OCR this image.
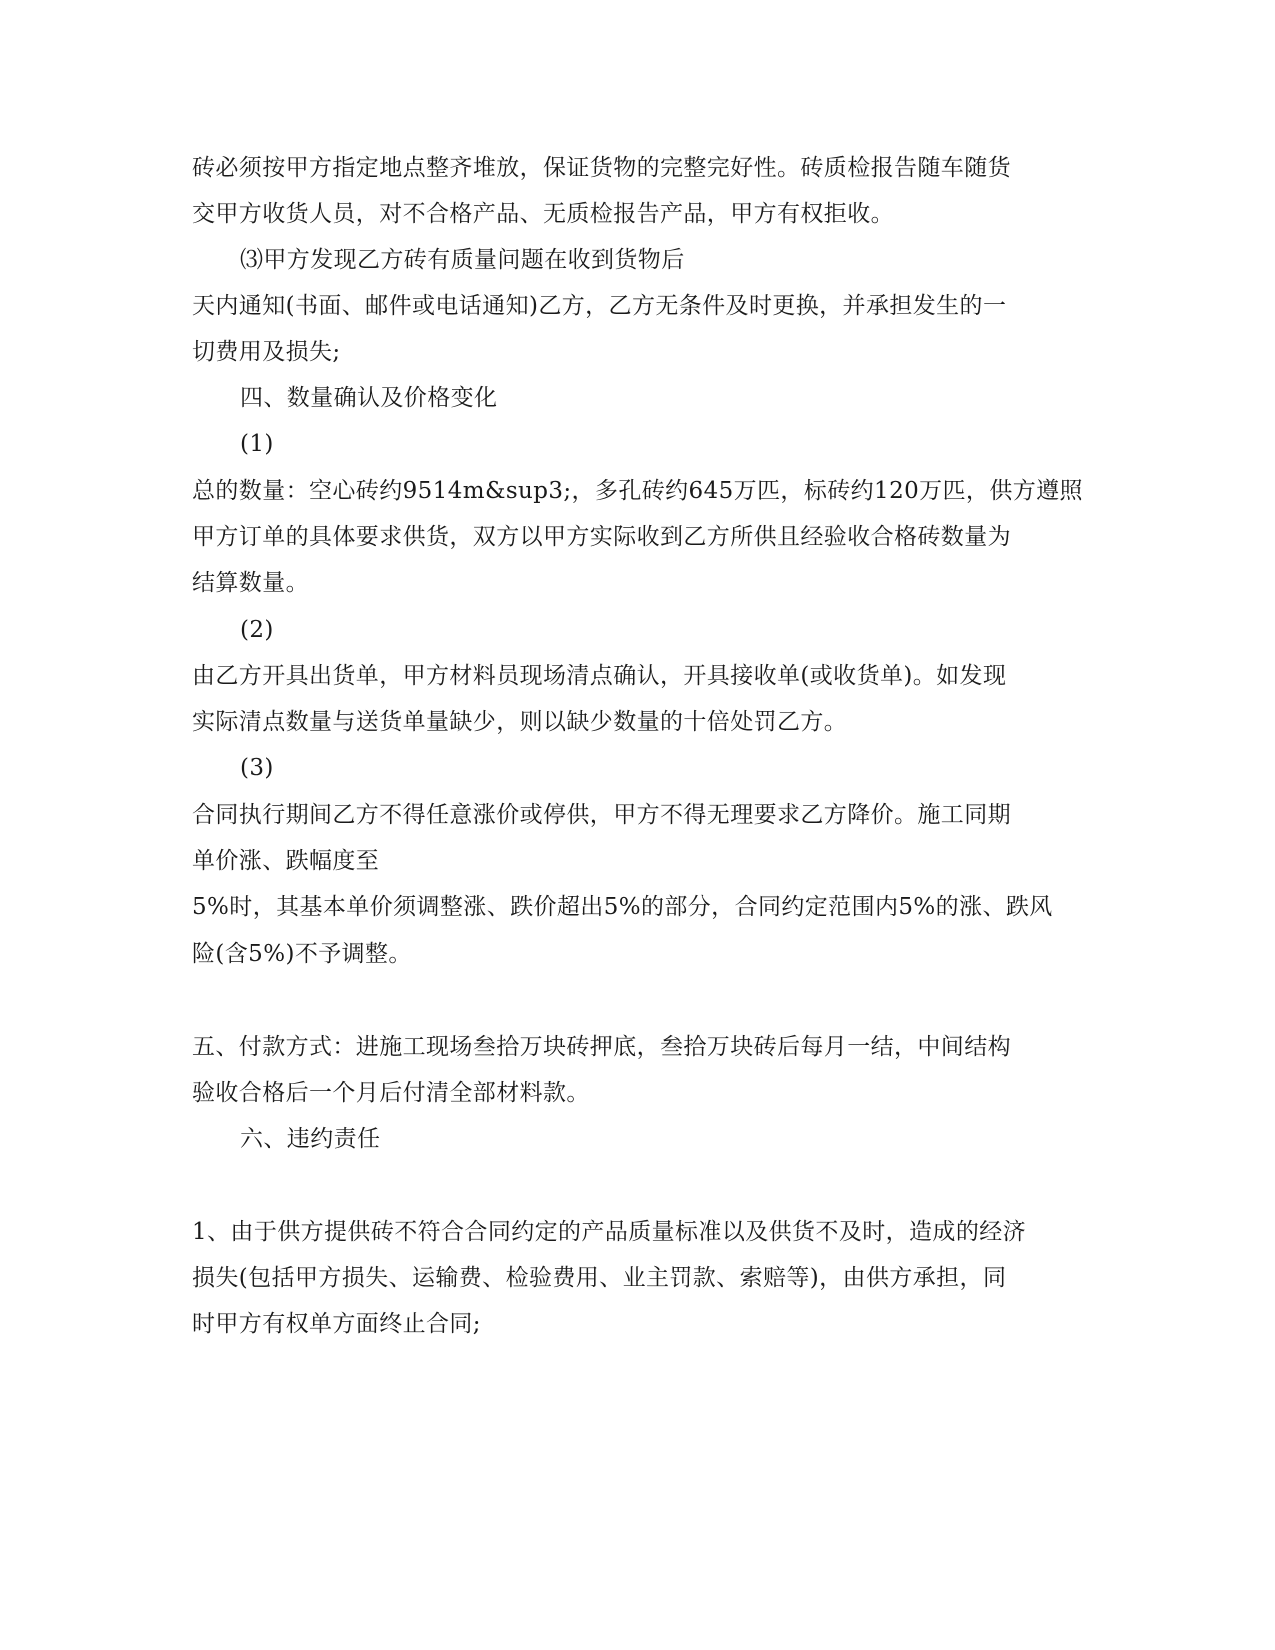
砖必须按甲方指定地点整齐堆放，保证货物的完整完好性。砖质检报告随车随货
交甲方收货人员，对不合格产品、无质检报告产品，甲方有权拒收。
⑶甲方发现乙方砖有质量问题在收到货物后
天内通知(书面、邮件或电话通知)乙方，乙方无条件及时更换，并承担发生的一
切费用及损失;
四、数量确认及价格变化
(1)
总的数量：空心砖约9514m&sup3;，多孔砖约645万匹，标砖约120万匹，供方遵照
甲方订单的具体要求供货，双方以甲方实际收到乙方所供且经验收合格砖数量为
结算数量。
(2)
由乙方开具出货单，甲方材料员现场清点确认，开具接收单(或收货单)。如发现
实际清点数量与送货单量缺少，则以缺少数量的十倍处罚乙方。
(3)
合同执行期间乙方不得任意涨价或停供，甲方不得无理要求乙方降价。施工同期
单价涨、跌幅度至
5%时，其基本单价须调整涨、跌价超出5%的部分，合同约定范围内5%的涨、跌风
险(含5%)不予调整。
五、付款方式：进施工现场叁拾万块砖押底，叁拾万块砖后每月一结，中间结构
验收合格后一个月后付清全部材料款。
六、违约责任
1、由于供方提供砖不符合合同约定的产品质量标准以及供货不及时，造成的经济
损失(包括甲方损失、运输费、检验费用、业主罚款、索赔等)，由供方承担，同
时甲方有权单方面终止合同;
